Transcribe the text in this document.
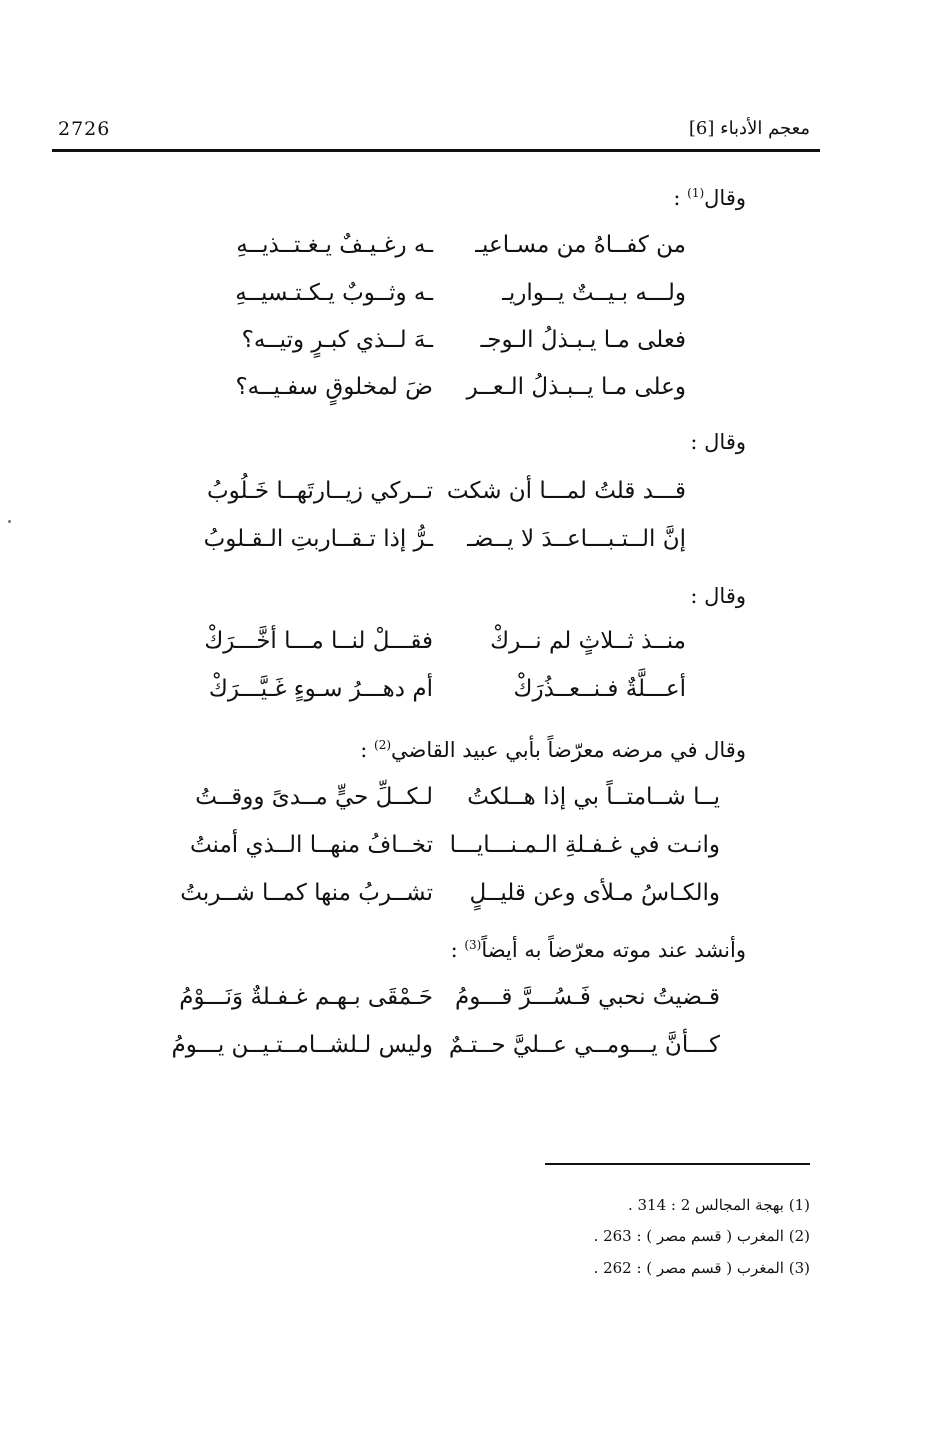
معجم الأدباء [6]
2726
وقال$^{(1)}$ :
من كفــاهُ من مسـاعيـ
ـه رغـيـفٌ يـغـتــذيــهِ
ولـــه بـيــتٌ يــواريـ
ـه وثــوبٌ يـكـتـسيــهِ
فعلى مـا يـبـذلُ الـوجـ
ـهَ لــذي كبـرٍ وتيــه؟
وعلى مـا يــبـذلُ الـعــر
ضَ لمخلوقٍ سفـيــه؟
وقال :
قـــد قلتُ لمـــا أن شكت
تــركي زيــارتَهــا خَـلُوبُ
إنَّ الــتـبـــاعــدَ لا يــضـ
ـرُّ إذا تـقــاربتِ الـقـلوبُ
وقال :
منــذ ثــلاثٍ لم نــركْ
فقـــلْ لنــا مـــا أخَّـــرَكْ
أعـــلَّةٌ فـنــعــذُرَكْ
أم دهـــرُ سـوءٍ غَـيَّـــرَكْ
وقال في مرضه معرّضاً بأبي عبيد القاضي$^{(2)}$ :
يــا شــامتــاً بي إذا هــلكتُ
لـكــلِّ حيٍّ مــدىً ووقــتُ
وانـت في غـفـلةِ الـمـنـــايـــا
تخــافُ منهــا الــذي أمنتُ
والكـاسُ مـلأى وعن قليــلٍ
تشــربُ منها كمــا شــربتُ
وأنشد عند موته معرّضاً به أيضاً$^{(3)}$ :
قـضيتُ نحبي فَـسُـــرَّ قـــومُ
حَـمْقَى بـهـم غـفـلةٌ وَنَـــوْمُ
كـــأنَّ يـــومــي عــليَّ حــتـمٌ
وليس لـلشــامــتـيــن يـــومُ
(1) بهجة المجالس 2 : 314 .
(2) المغرب ( قسم مصر ) : 263 .
(3) المغرب ( قسم مصر ) : 262 .
